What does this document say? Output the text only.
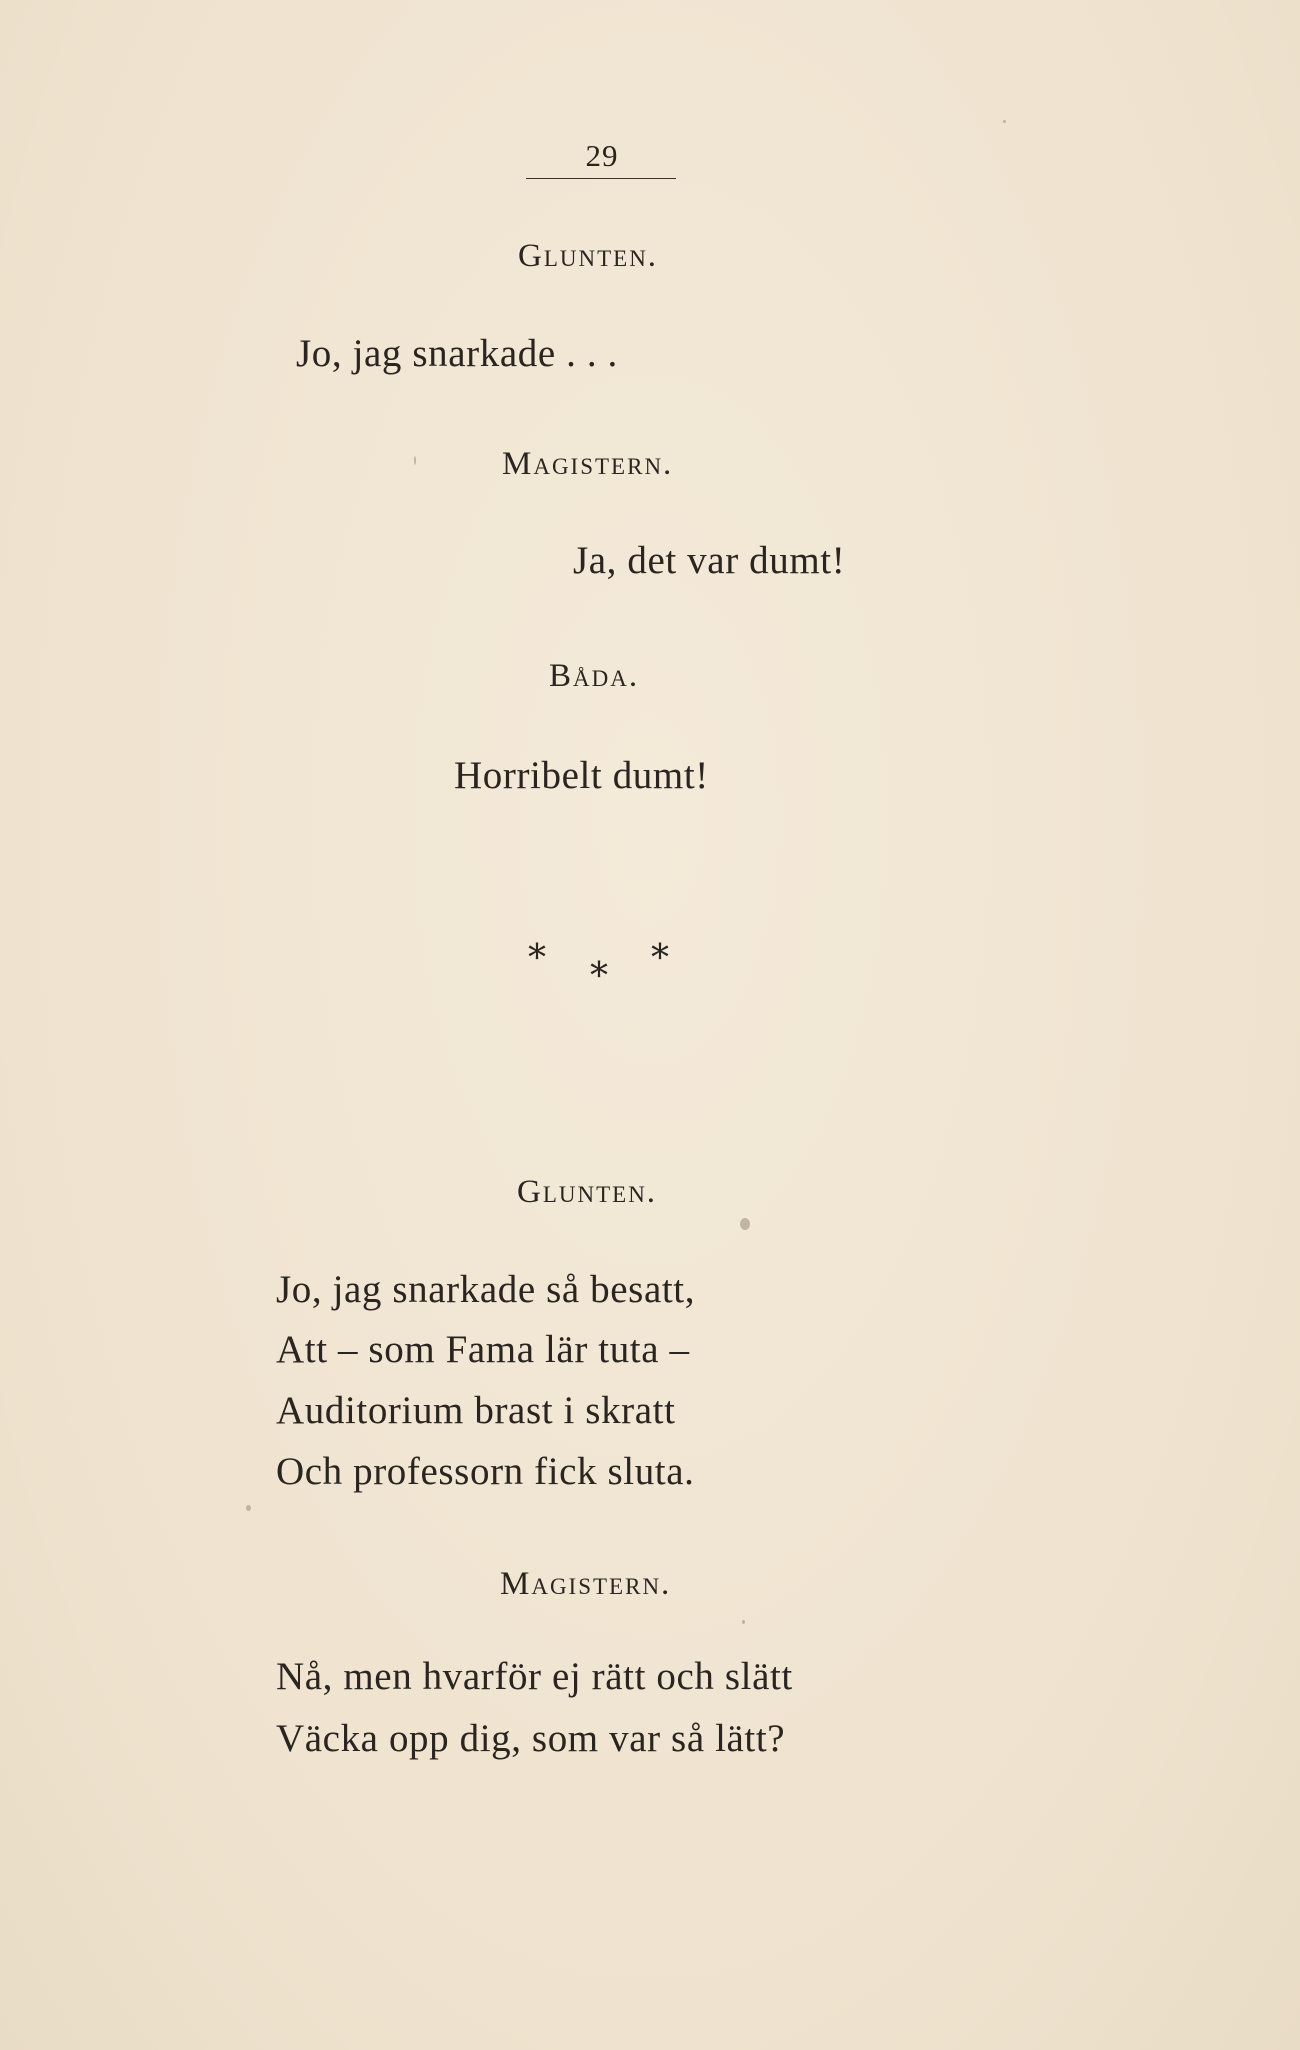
29
Glunten.
Jo, jag snarkade . . .
Magistern.
Ja, det var dumt!
Båda.
Horribelt dumt!
* * *
Glunten.
Jo, jag snarkade så besatt,
Att – som Fama lär tuta –
Auditorium brast i skratt
Och professorn fick sluta.
Magistern.
Nå, men hvarför ej rätt och slätt
Väcka opp dig, som var så lätt?
